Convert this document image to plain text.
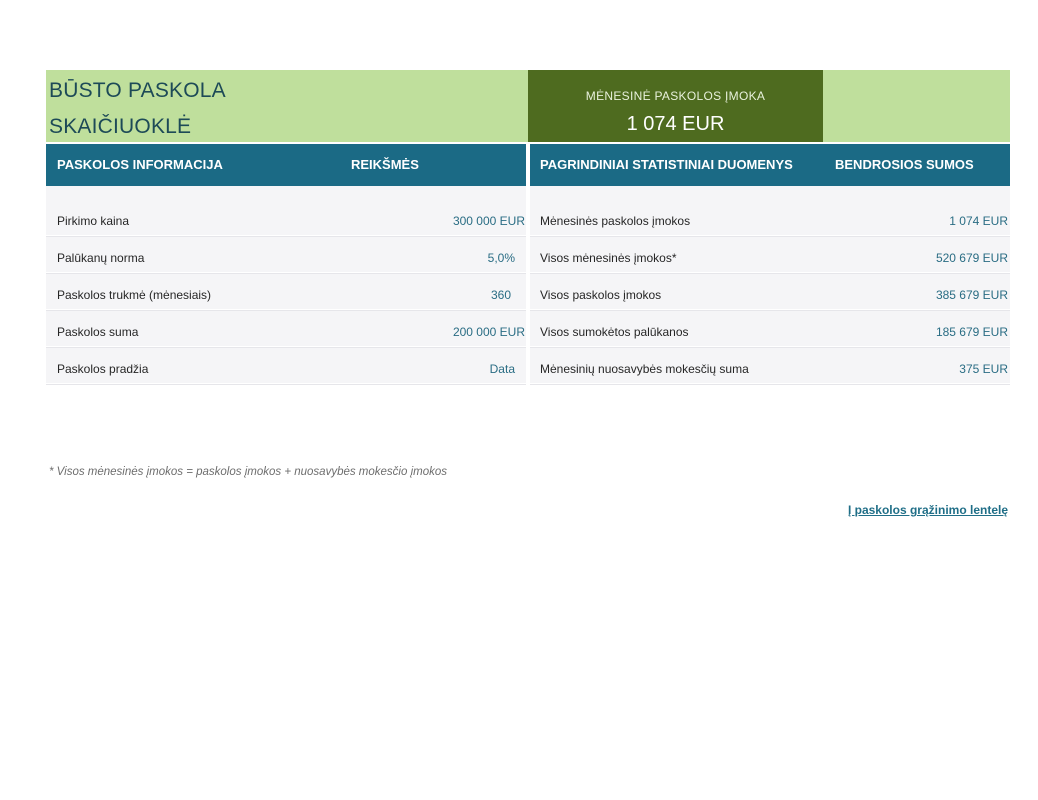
BŪSTO PASKOLA
SKAIČIUOKLĖ
MĖNESINĖ PASKOLOS ĮMOKA
1 074 EUR
PASKOLOS INFORMACIJA	REIKŠMĖS
Pirkimo kaina	300 000 EUR
Palūkanų norma	5,0%
Paskolos trukmė (mėnesiais)	360
Paskolos suma	200 000 EUR
Paskolos pradžia	Data
PAGRINDINIAI STATISTINIAI DUOMENYS	BENDROSIOS SUMOS
Mėnesinės paskolos įmokos	1 074 EUR
Visos mėnesinės įmokos*	520 679 EUR
Visos paskolos įmokos	385 679 EUR
Visos sumokėtos palūkanos	185 679 EUR
Mėnesinių nuosavybės mokesčių suma	375 EUR
* Visos mėnesinės įmokos = paskolos įmokos + nuosavybės mokesčio įmokos
Į paskolos grąžinimo lentelę
